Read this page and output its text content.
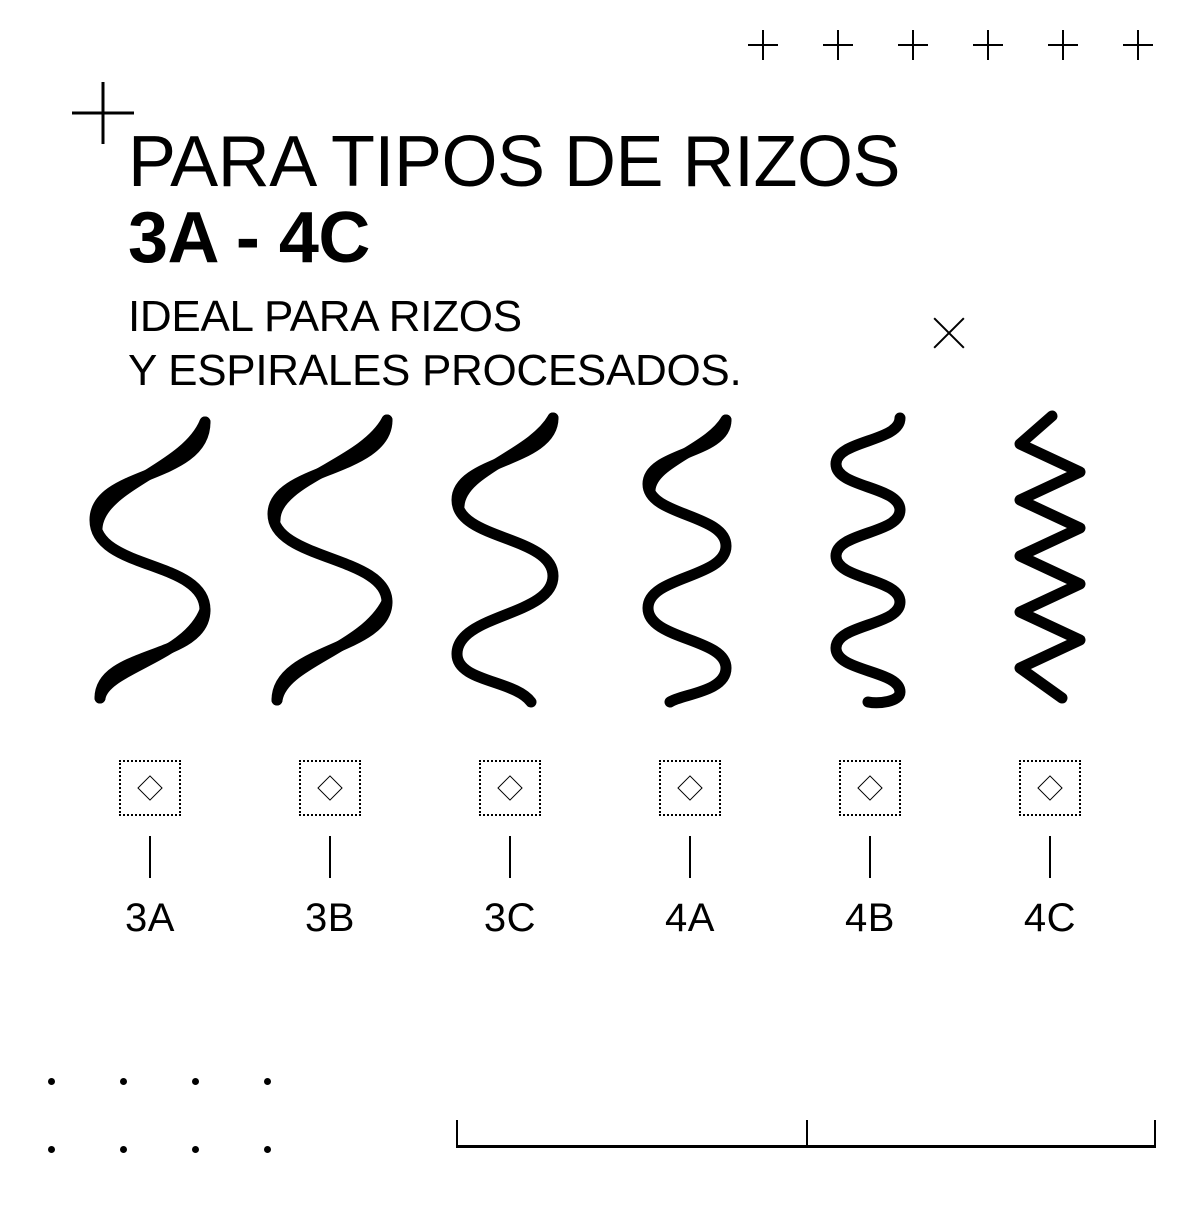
PARA TIPOS DE RIZOS
3A - 4C
IDEAL PARA RIZOS
Y ESPIRALES PROCESADOS.
3A	3B	3C	4A	4B	4C
